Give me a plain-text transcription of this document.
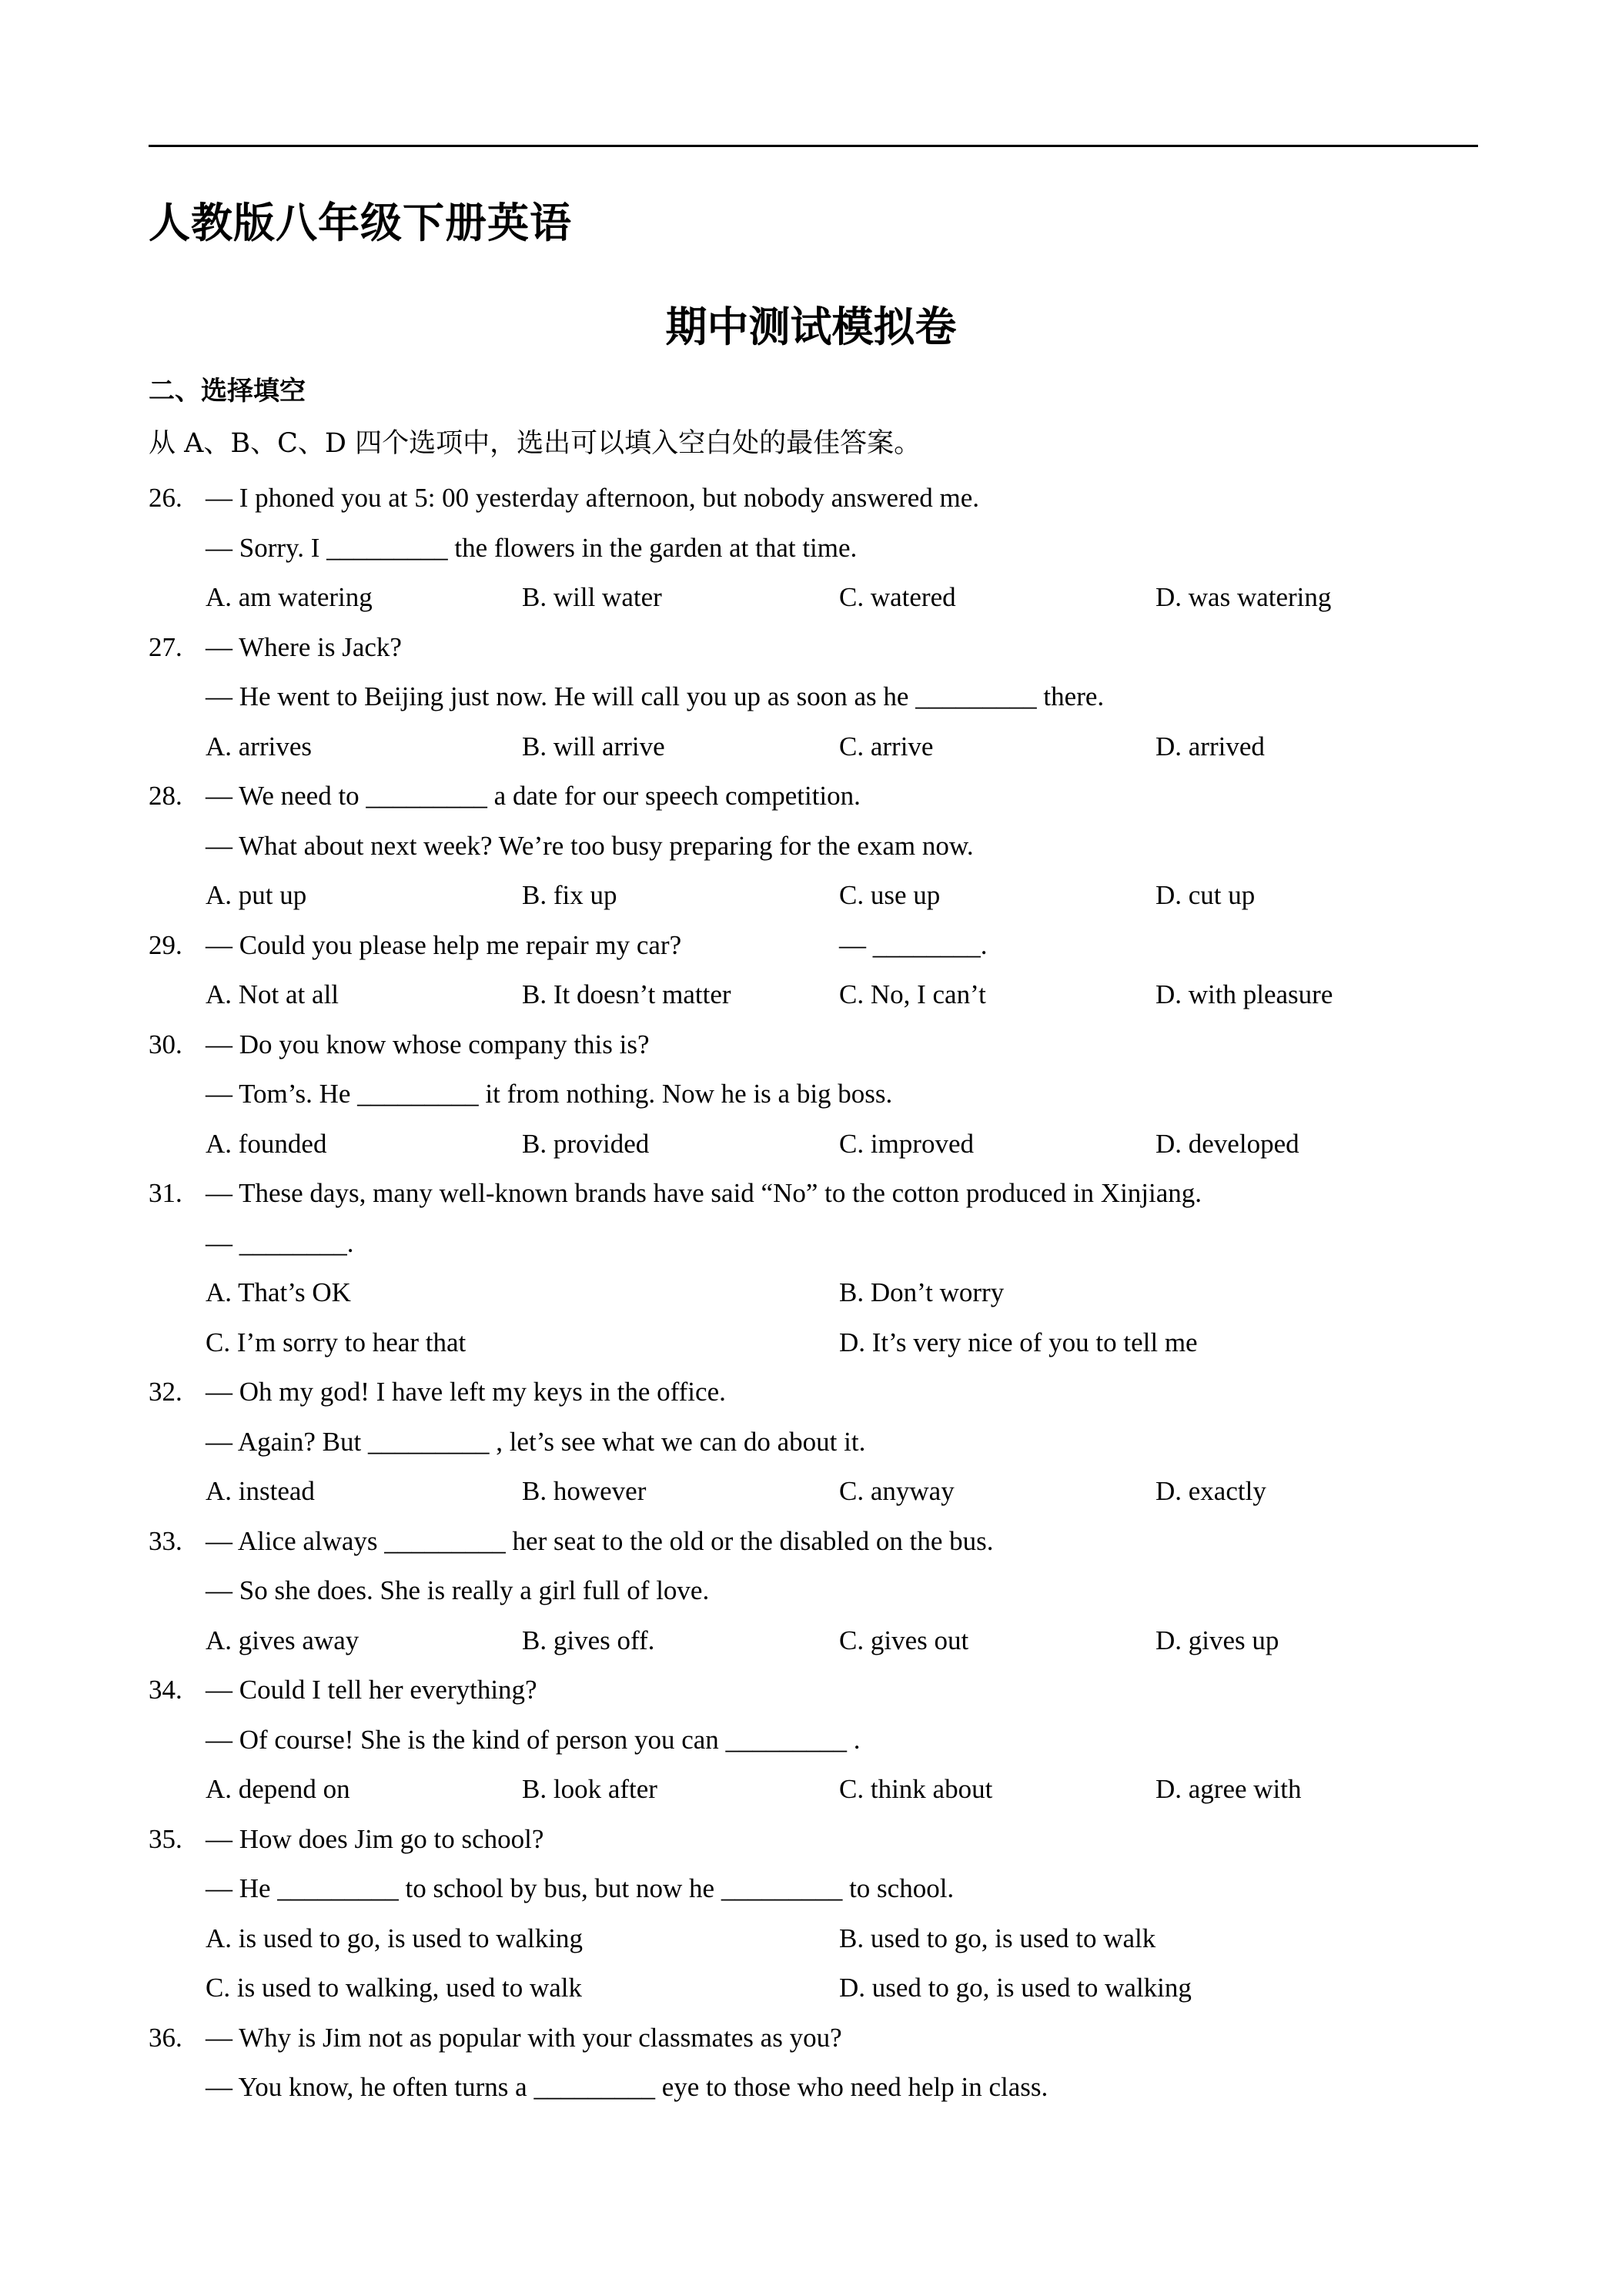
人教版八年级下册英语
期中测试模拟卷
二、选择填空
从 A、B、C、D 四个选项中，选出可以填入空白处的最佳答案。
26. — I phoned you at 5: 00 yesterday afternoon, but nobody answered me.
— Sorry. I _________ the flowers in the garden at that time.
A. am watering	B. will water	C. watered	D. was watering
27. — Where is Jack?
— He went to Beijing just now. He will call you up as soon as he _________ there.
A. arrives	B. will arrive	C. arrive	D. arrived
28. — We need to _________ a date for our speech competition.
— What about next week? We’re too busy preparing for the exam now.
A. put up	B. fix up	C. use up	D. cut up
29. — Could you please help me repair my car?	— ________.
A. Not at all	B. It doesn’t matter	C. No, I can’t	D. with pleasure
30. — Do you know whose company this is?
— Tom’s. He _________ it from nothing. Now he is a big boss.
A. founded	B. provided	C. improved	D. developed
31. — These days, many well-known brands have said “No” to the cotton produced in Xinjiang.
— ________.
A. That’s OK	B. Don’t worry
C. I’m sorry to hear that	D. It’s very nice of you to tell me
32. — Oh my god! I have left my keys in the office.
— Again? But _________ , let’s see what we can do about it.
A. instead	B. however	C. anyway	D. exactly
33. — Alice always _________ her seat to the old or the disabled on the bus.
— So she does. She is really a girl full of love.
A. gives away	B. gives off.	C. gives out	D. gives up
34. — Could I tell her everything?
— Of course! She is the kind of person you can _________ .
A. depend on	B. look after	C. think about	D. agree with
35. — How does Jim go to school?
— He _________ to school by bus, but now he _________ to school.
A. is used to go, is used to walking	B. used to go, is used to walk
C. is used to walking, used to walk	D. used to go, is used to walking
36. — Why is Jim not as popular with your classmates as you?
— You know, he often turns a _________ eye to those who need help in class.
